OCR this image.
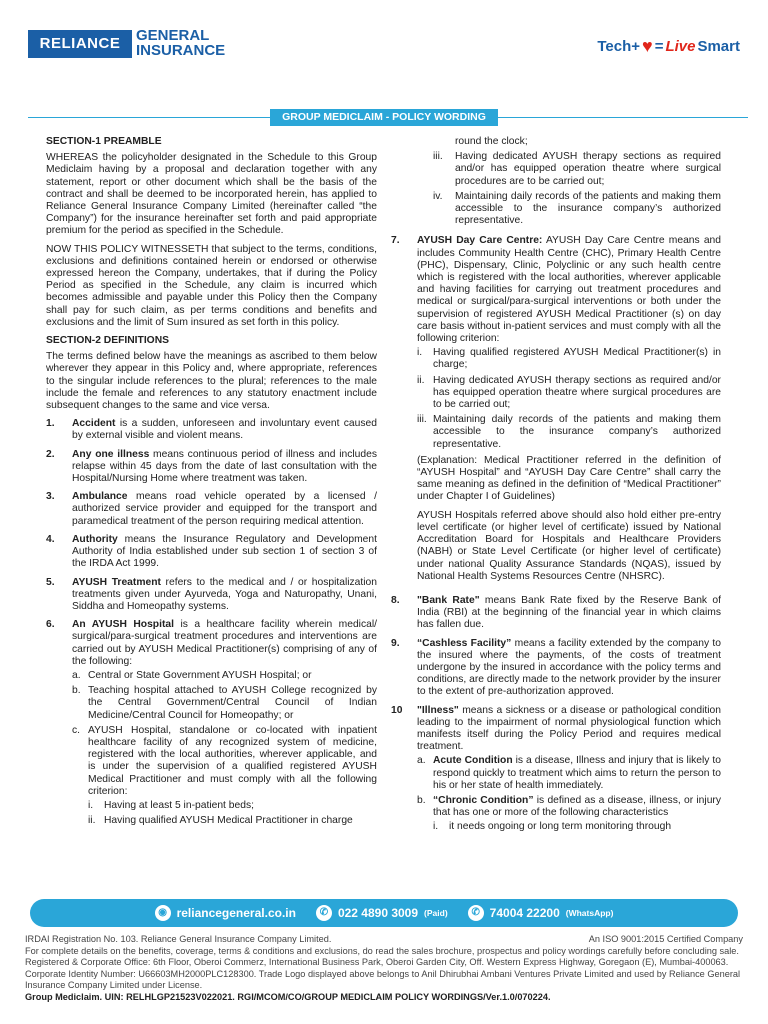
RELIANCE	GENERAL
INSURANCE	Tech+ ♥ = Live Smart
GROUP MEDICLAIM - POLICY WORDING
SECTION-1 PREAMBLE

WHEREAS the policyholder designated in the Schedule to this Group Mediclaim having by a proposal and declaration together with any statement, report or other document which shall be the basis of the contract and shall be deemed to be incorporated herein, has applied to Reliance General Insurance Company Limited (hereinafter called “the Company”) for the insurance hereinafter set forth and paid appropriate premium for the period as specified in the Schedule.

NOW THIS POLICY WITNESSETH that subject to the terms, conditions, exclusions and definitions contained herein or endorsed or otherwise expressed hereon the Company, undertakes, that if during the Policy Period as specified in the Schedule, any claim is incurred which becomes admissible and payable under this Policy then the Company shall pay for such claim, as per terms conditions and benefits and exclusions and the limit of Sum insured as set forth in this policy.

SECTION-2 DEFINITIONS

The terms defined below have the meanings as ascribed to them below wherever they appear in this Policy and, where appropriate, references to the singular include references to the plural; references to the male include the female and references to any statutory enactment include subsequent changes to the same and vice versa.

1.	Accident is a sudden, unforeseen and involuntary event caused by external visible and violent means.
2.	Any one illness means continuous period of illness and includes relapse within 45 days from the date of last consultation with the Hospital/Nursing Home where treatment was taken.
3.	Ambulance means road vehicle operated by a licensed / authorized service provider and equipped for the transport and paramedical treatment of the person requiring medical attention.
4.	Authority means the Insurance Regulatory and Development Authority of India established under sub section 1 of section 3 of the IRDA Act 1999.
5.	AYUSH Treatment refers to the medical and / or hospitalization treatments given under Ayurveda, Yoga and Naturopathy, Unani, Siddha and Homeopathy systems.
6.	An AYUSH Hospital is a healthcare facility wherein medical/ surgical/para-surgical treatment procedures and interventions are carried out by AYUSH Medical Practitioner(s) comprising of any of the following:
a. Central or State Government AYUSH Hospital; or
b. Teaching hospital attached to AYUSH College recognized by the Central Government/Central Council of Indian Medicine/Central Council for Homeopathy; or
c. AYUSH Hospital, standalone or co-located with inpatient healthcare facility of any recognized system of medicine, registered with the local authorities, wherever applicable, and is under the supervision of a qualified registered AYUSH Medical Practitioner and must comply with all the following criterion:
i.	Having at least 5 in-patient beds;
ii. Having qualified AYUSH Medical Practitioner in charge
round the clock;
iii.	Having dedicated AYUSH therapy sections as required and/or has equipped operation theatre where surgical procedures are to be carried out;
iv.	Maintaining daily records of the patients and making them accessible to the insurance company’s authorized representative.
7.	AYUSH Day Care Centre: AYUSH Day Care Centre means and includes Community Health Centre (CHC), Primary Health Centre (PHC), Dispensary, Clinic, Polyclinic or any such health centre which is registered with the local authorities, wherever applicable and having facilities for carrying out treatment procedures and medical or surgical/para-surgical interventions or both under the supervision of registered AYUSH Medical Practitioner (s) on day care basis without in-patient services and must comply with all the following criterion:
i.	Having qualified registered AYUSH Medical Practitioner(s) in charge;
ii. Having dedicated AYUSH therapy sections as required and/or has equipped operation theatre where surgical procedures are to be carried out;
iii. Maintaining daily records of the patients and making them accessible to the insurance company’s authorized representative.

(Explanation: Medical Practitioner referred in the definition of “AYUSH Hospital” and “AYUSH Day Care Centre” shall carry the same meaning as defined in the definition of “Medical Practitioner” under Chapter I of Guidelines)

AYUSH Hospitals referred above should also hold either pre-entry level certificate (or higher level of certificate) issued by National Accreditation Board for Hospitals and Healthcare Providers (NABH) or State Level Certificate (or higher level of certificate) under national Quality Assurance Standards (NQAS), issued by National Health Systems Resources Centre (NHSRC).

8.	"Bank Rate" means Bank Rate fixed by the Reserve Bank of India (RBI) at the beginning of the financial year in which claims has fallen due.
9.	“Cashless Facility” means a facility extended by the company to the insured where the payments, of the costs of treatment undergone by the insured in accordance with the policy terms and conditions, are directly made to the network provider by the insurer to the extent of pre-authorization approved.
10	"Illness" means a sickness or a disease or pathological condition leading to the impairment of normal physiological function which manifests itself during the Policy Period and requires medical treatment.
a. Acute Condition is a disease, Illness and injury that is likely to respond quickly to treatment which aims to return the person to his or her state of health immediately.
b. “Chronic Condition” is defined as a disease, illness, or injury that has one or more of the following characteristics
i.	it needs ongoing or long term monitoring through
◉ reliancegeneral.co.in	✆ 022 4890 3009 (Paid)	✆ 74004 22200 (WhatsApp)
IRDAI Registration No. 103. Reliance General Insurance Company Limited.	An ISO 9001:2015 Certified Company
For complete details on the benefits, coverage, terms & conditions and exclusions, do read the sales brochure, prospectus and policy wordings carefully before concluding sale. Registered & Corporate Office: 6th Floor, Oberoi Commerz, International Business Park, Oberoi Garden City, Off. Western Express Highway, Goregaon (E), Mumbai-400063. Corporate Identity Number: U66603MH2000PLC128300. Trade Logo displayed above belongs to Anil Dhirubhai Ambani Ventures Private Limited and used by Reliance General Insurance Company Limited under License.
Group Mediclaim. UIN: RELHLGP21523V022021. RGI/MCOM/CO/GROUP MEDICLAIM POLICY WORDINGS/Ver.1.0/070224.
